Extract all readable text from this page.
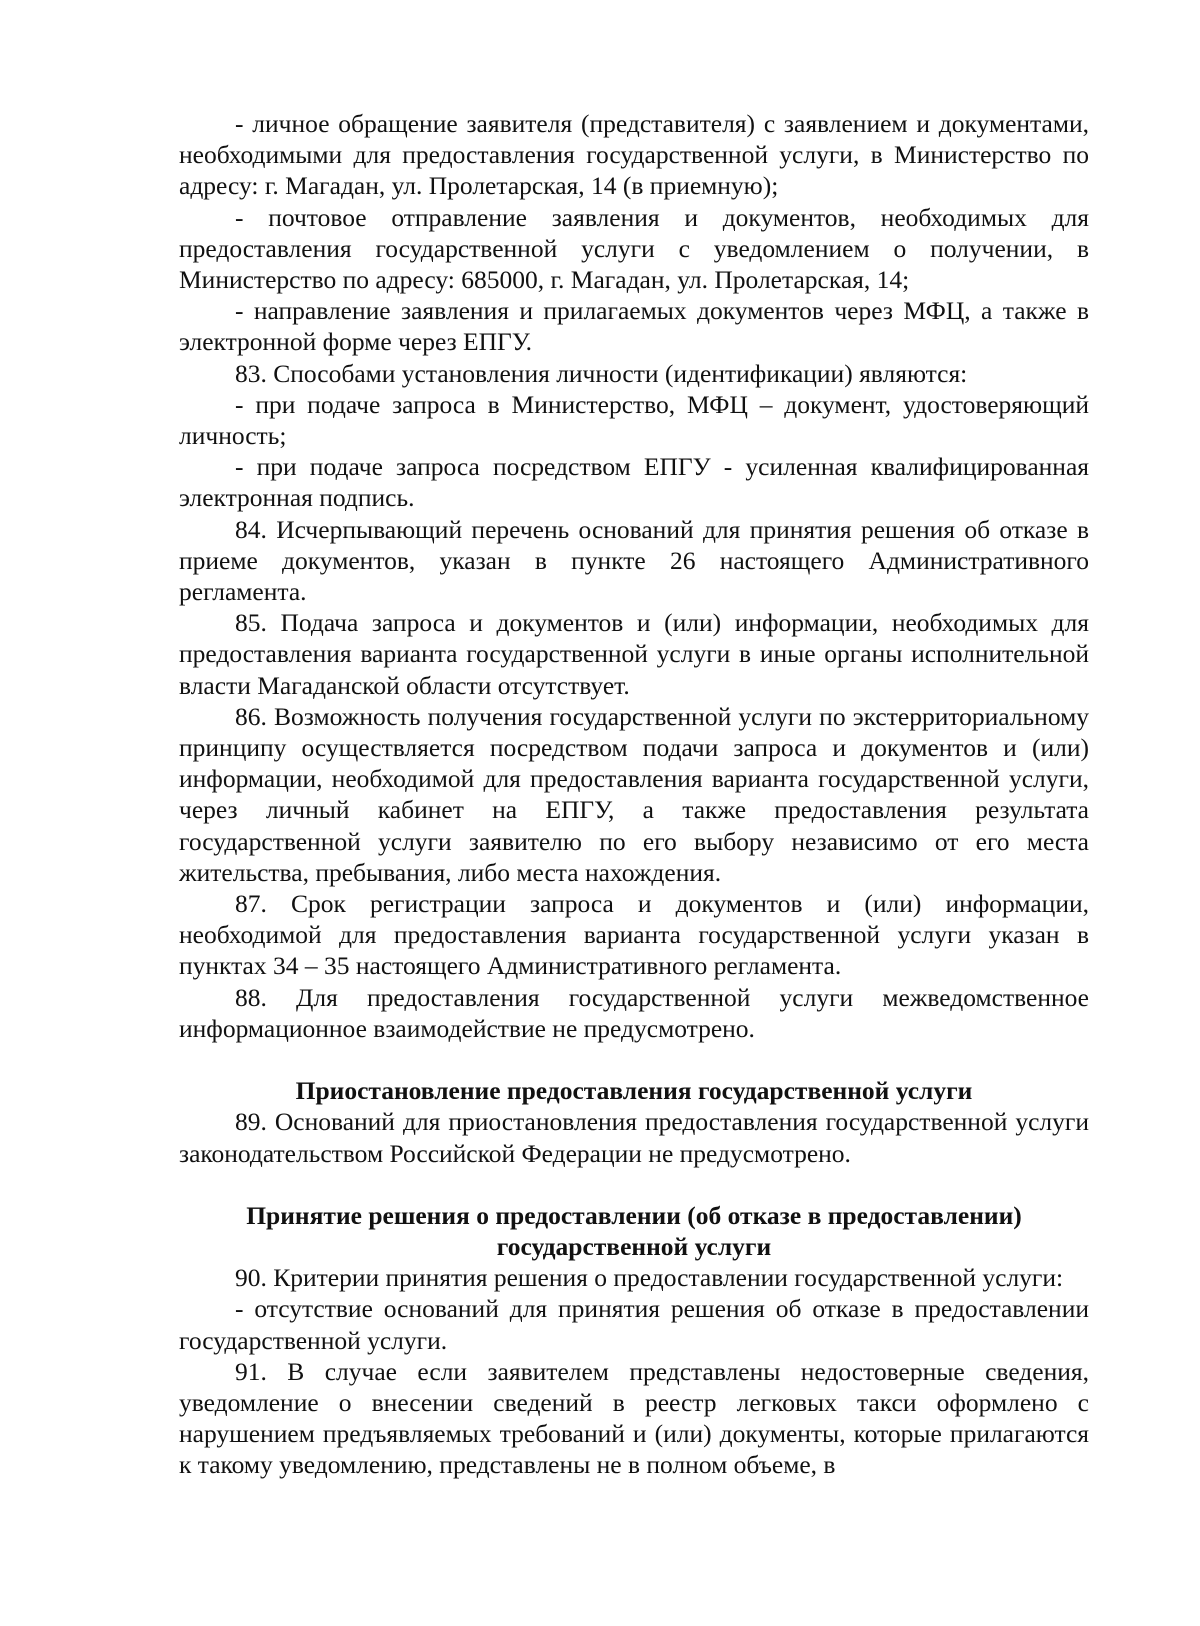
- личное обращение заявителя (представителя) с заявлением и документами, необходимыми для предоставления государственной услуги, в Министерство по адресу: г. Магадан, ул. Пролетарская, 14 (в приемную);

- почтовое отправление заявления и документов, необходимых для предоставления государственной услуги с уведомлением о получении, в Министерство по адресу: 685000, г. Магадан, ул. Пролетарская, 14;

- направление заявления и прилагаемых документов через МФЦ, а также в электронной форме через ЕПГУ.

83. Способами установления личности (идентификации) являются:

- при подаче запроса в Министерство, МФЦ – документ, удостоверяющий личность;

- при подаче запроса посредством ЕПГУ - усиленная квалифицированная электронная подпись.

84. Исчерпывающий перечень оснований для принятия решения об отказе в приеме документов, указан в пункте 26 настоящего Административного регламента.

85. Подача запроса и документов и (или) информации, необходимых для предоставления варианта государственной услуги в иные органы исполнительной власти Магаданской области отсутствует.

86. Возможность получения государственной услуги по экстерриториальному принципу осуществляется посредством подачи запроса и документов и (или) информации, необходимой для предоставления варианта государственной услуги, через личный кабинет на ЕПГУ, а также предоставления результата государственной услуги заявителю по его выбору независимо от его места жительства, пребывания, либо места нахождения.

87. Срок регистрации запроса и документов и (или) информации, необходимой для предоставления варианта государственной услуги указан в пунктах 34 – 35 настоящего Административного регламента.

88. Для предоставления государственной услуги межведомственное информационное взаимодействие не предусмотрено.

Приостановление предоставления государственной услуги

89. Оснований для приостановления предоставления государственной услуги законодательством Российской Федерации не предусмотрено.

Принятие решения о предоставлении (об отказе в предоставлении) государственной услуги

90. Критерии принятия решения о предоставлении государственной услуги:

- отсутствие оснований для принятия решения об отказе в предоставлении государственной услуги.

91. В случае если заявителем представлены недостоверные сведения, уведомление о внесении сведений в реестр легковых такси оформлено с нарушением предъявляемых требований и (или) документы, которые прилагаются к такому уведомлению, представлены не в полном объеме, в
